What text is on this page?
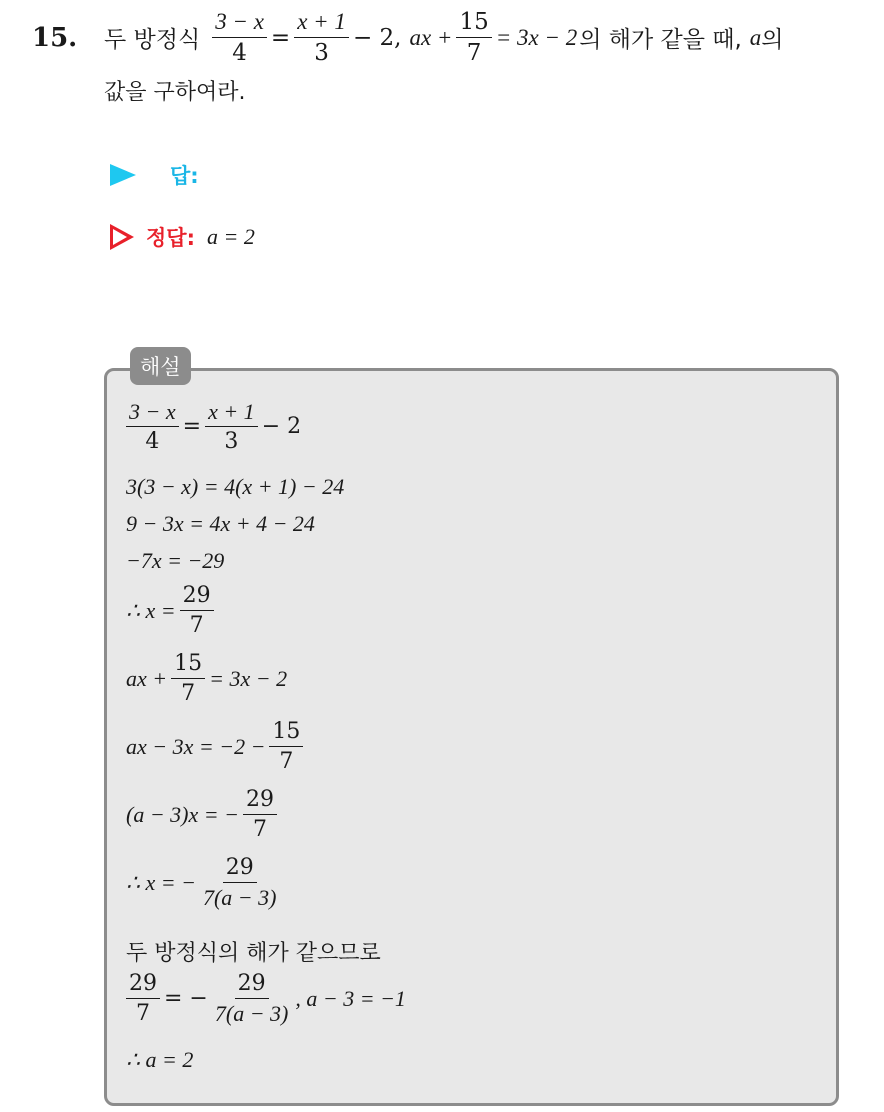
15.	두 방정식 $\frac{3 - x}{4} = \frac{x + 1}{3} - 2$, ax + $\frac{15}{7} = 3x - 2$ 의 해가 같을 때, a 의
값을 구하여라.
답:
정답: a = 2
해설
$\frac{3 - x}{4} = \frac{x + 1}{3} - 2$
3(3 − x) = 4(x + 1) − 24
9 − 3x = 4x + 4 − 24
−7x = −29
∴ $x = \frac{29}{7}$
ax + $\frac{15}{7} = 3x - 2$
ax − $3x = -2 - \frac{15}{7}$
(a − 3)x = − $\frac{29}{7}$
∴ x = − $\frac{29}{7(a - 3)}$
두 방정식의 해가 같으므로
$\frac{29}{7}$ = − $\frac{29}{7(a - 3)}$ , a − 3 = −1
∴ a = 2
